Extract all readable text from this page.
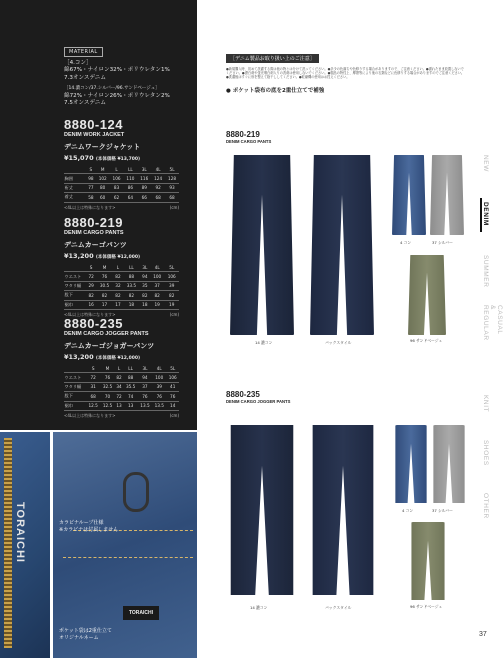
MATERIAL
［4.コン］
綿67%・ナイロン32%・ポリウレタン1%
7.3オンスデニム
［14.濃コン/37.シルバー/96.サンドベージュ］
綿72%・ナイロン26%・ポリウレタン2%
7.5オンスデニム
8880-124
DENIM WORK JACKET
デニムワークジャケット
¥15,070 (本体価格 ¥13,700)
	S	M	L	LL	3L	4L	5L
胸囲	98	102	106	110	116	124	128
裄丈	77	80	83	86	89	92	93
着丈	58	60	62	64	66	68	68
<4L以上は特殊になります>	(cm)
8880-219
DENIM CARGO PANTS
デニムカーゴパンツ
¥13,200 (本体価格 ¥12,000)
	S	M	L	LL	3L	4L	5L
ウエスト	72	76	82	88	94	100	106
ワタリ幅	29	30.5	32	33.5	35	37	39
股下	82	82	82	82	82	82	82
裾巾	16	17	17	18	18	19	19
<4L以上は特殊になります>	(cm)
8880-235
DENIM CARGO JOGGER PANTS
デニムカーゴジョガーパンツ
¥13,200 (本体価格 ¥12,000)
	S	M	L	LL	3L	4L	5L
ウエスト	72	76	82	88	94	100	106
ワタリ幅	31	32.5	34	35.5	37	39	41
股下	68	70	72	74	76	76	76
裾巾	12.5	12.5	13	13	13.5	13.5	14
<4L以上は特殊になります>	(cm)
TORAICHI
TORAICHI
カラビナループ仕様
※カラビナは付属しません
ポケット袋は2重仕立て
オリジナルネーム
［デニム製品お取り扱い上のご注意］
●新規購入時、初めて洗濯する際は他の物とは分けて洗ってください。●多少の色落ちや色移りする場合がありますので、ご注意ください。●濡れたまま放置しないでください。●漂白剤や蛍光増白剤入りの洗剤は使用しないでください。●製品の特性上、摩擦等により他の衣類などに色移りする場合がありますのでご注意ください。●洗濯後はすぐに形を整えて陰干ししてください。●乾燥機の使用はお控えください。
● ポケット袋布の底を2重仕立てで補強
8880-219
DENIM CARGO PANTS
14 濃コン	バックスタイル
4 コン	37 シルバー
96 サンドベージュ
8880-235
DENIM CARGO JOGGER PANTS
14 濃コン	バックスタイル
4 コン	37 シルバー
96 サンドベージュ
NEW
DENIM
SUMMER
CASUAL & REGULAR
KNIT
SHOES
OTHER
37
